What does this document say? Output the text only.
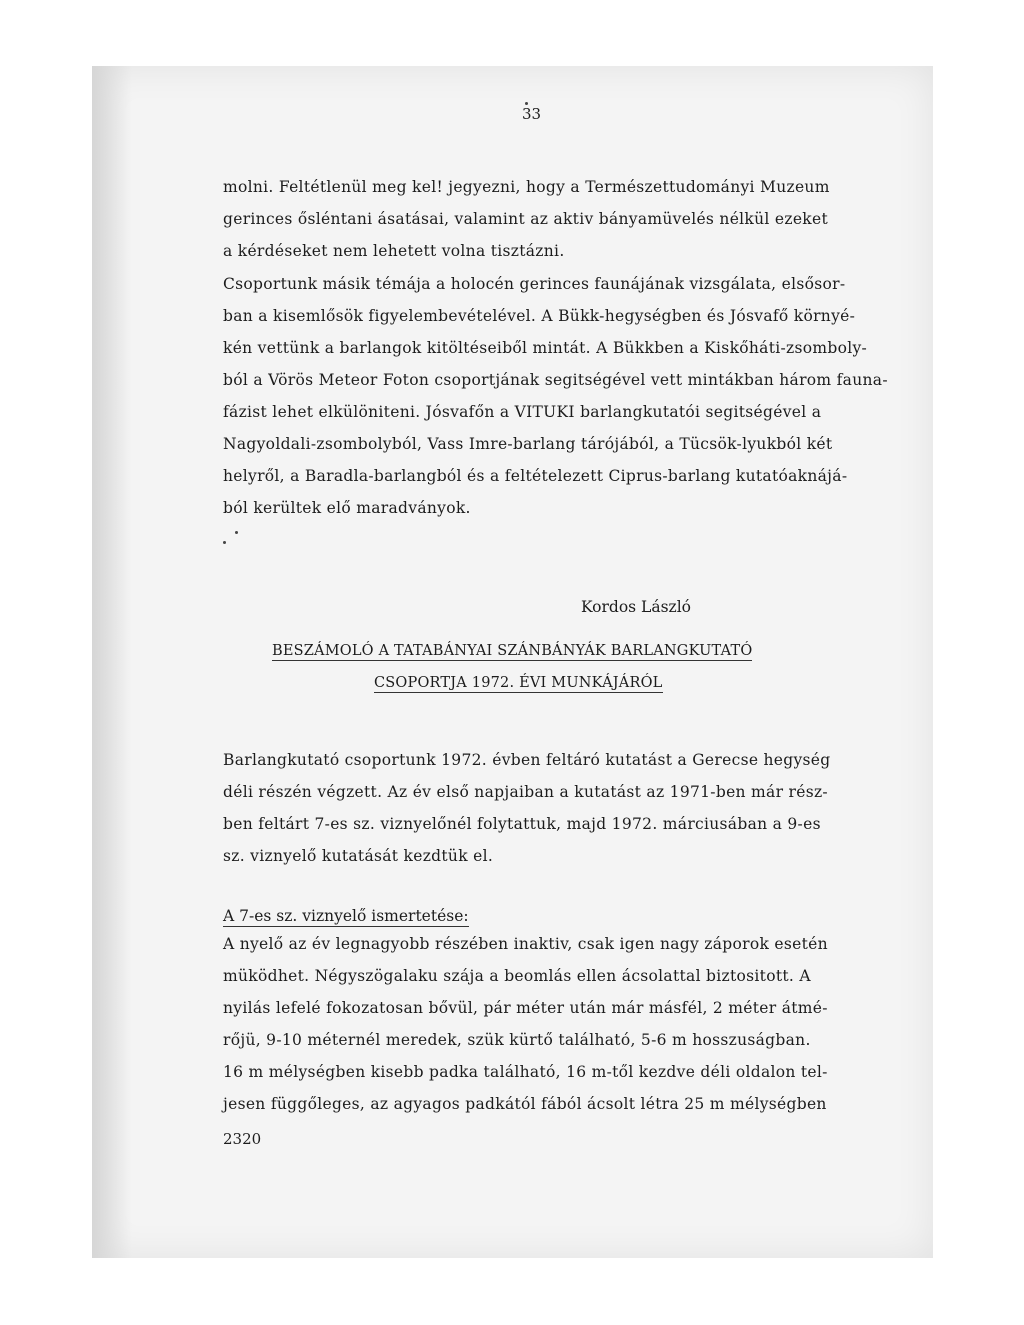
33
molni. Feltétlenül meg kel! jegyezni, hogy a Természettudományi Muzeum
gerinces ősléntani ásatásai, valamint az aktiv bányamüvelés nélkül ezeket
a kérdéseket nem lehetett volna tisztázni.
Csoportunk másik témája a holocén gerinces faunájának vizsgálata, elsősor-
ban a kisemlősök figyelembevételével. A Bükk-hegységben és Jósvafő környé-
kén vettünk a barlangok kitöltéseiből mintát. A Bükkben a Kiskőháti-zsomboly-
ból a Vörös Meteor Foton csoportjának segitségével vett mintákban három fauna-
fázist lehet elkülöniteni. Jósvafőn a VITUKI barlangkutatói segitségével a
Nagyoldali-zsombolyból, Vass Imre-barlang tárójából, a Tücsök-lyukból két
helyről, a Baradla-barlangból és a feltételezett Ciprus-barlang kutatóaknájá-
ból kerültek elő maradványok.
Kordos László
BESZÁMOLÓ A TATABÁNYAI SZÁNBÁNYÁK BARLANGKUTATÓ
CSOPORTJA 1972. ÉVI MUNKÁJÁRÓL
Barlangkutató csoportunk 1972. évben feltáró kutatást a Gerecse hegység
déli részén végzett. Az év első napjaiban a kutatást az 1971-ben már rész-
ben feltárt 7-es sz. viznyelőnél folytattuk, majd 1972. márciusában a 9-es
sz. viznyelő kutatását kezdtük el.
A 7-es sz. viznyelő ismertetése:
A nyelő az év legnagyobb részében inaktiv, csak igen nagy záporok esetén
müködhet. Négyszögalaku szája a beomlás ellen ácsolattal biztositott. A
nyilás lefelé fokozatosan bővül, pár méter után már másfél, 2 méter átmé-
rőjü, 9-10 méternél meredek, szük kürtő található, 5-6 m hosszuságban.
16 m mélységben kisebb padka található, 16 m-től kezdve déli oldalon tel-
jesen függőleges, az agyagos padkától fából ácsolt létra 25 m mélységben
2320
